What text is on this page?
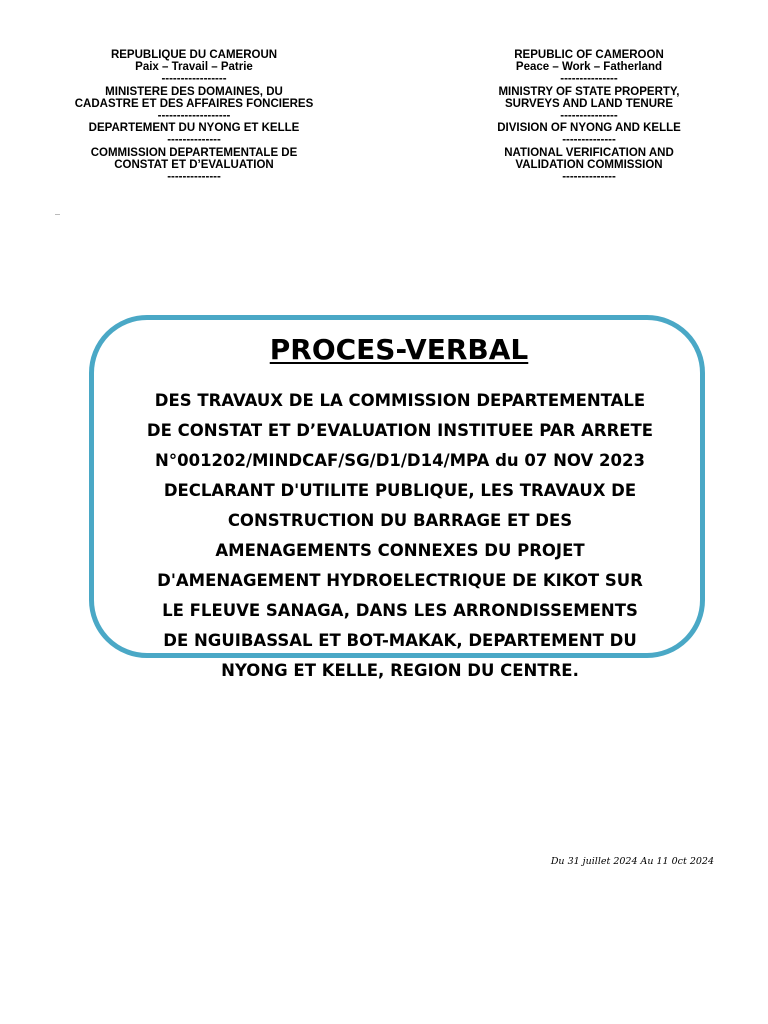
REPUBLIQUE DU CAMEROUN
Paix – Travail – Patrie
-----------------
MINISTERE DES DOMAINES, DU
CADASTRE ET DES AFFAIRES FONCIERES
-------------------
DEPARTEMENT DU NYONG ET KELLE
--------------
COMMISSION DEPARTEMENTALE DE
CONSTAT ET D’EVALUATION
--------------
REPUBLIC OF CAMEROON
Peace – Work – Fatherland
---------------
MINISTRY OF STATE PROPERTY,
SURVEYS AND LAND TENURE
---------------
DIVISION OF NYONG AND KELLE
--------------
NATIONAL VERIFICATION AND
VALIDATION COMMISSION
--------------
PROCES-VERBAL
DES TRAVAUX DE LA COMMISSION DEPARTEMENTALE
DE CONSTAT ET D’EVALUATION INSTITUEE PAR ARRETE
N°001202/MINDCAF/SG/D1/D14/MPA du 07 NOV 2023
DECLARANT D'UTILITE PUBLIQUE, LES TRAVAUX DE
CONSTRUCTION DU BARRAGE ET DES
AMENAGEMENTS CONNEXES DU PROJET
D'AMENAGEMENT HYDROELECTRIQUE DE KIKOT SUR
LE FLEUVE SANAGA, DANS LES ARRONDISSEMENTS
DE NGUIBASSAL ET BOT-MAKAK, DEPARTEMENT DU
NYONG ET KELLE, REGION DU CENTRE.
Du 31 juillet 2024 Au 11 0ct 2024
